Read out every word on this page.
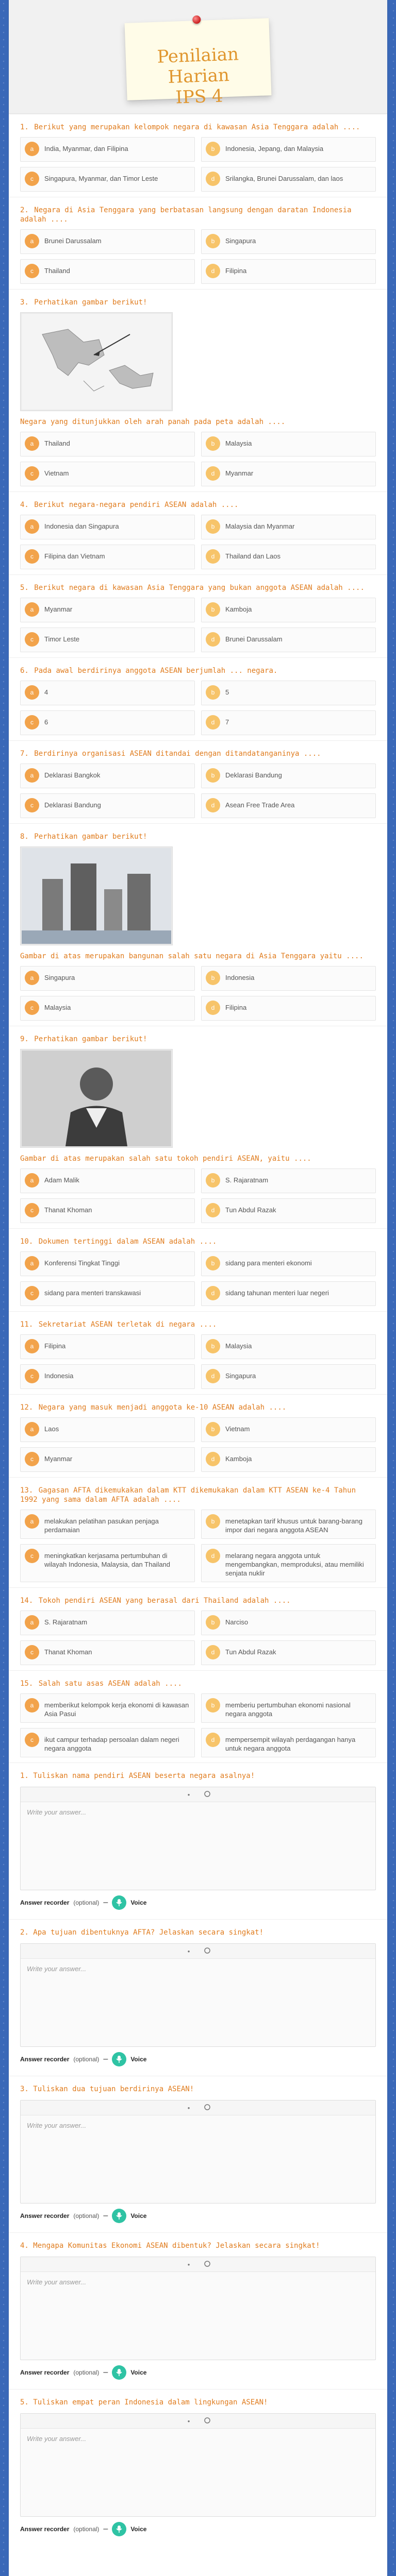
Penilaian Harian
IPS 4
1. Berikut yang merupakan kelompok negara di kawasan Asia Tenggara adalah ....
a	India, Myanmar, dan Filipina	b	Indonesia, Jepang, dan Malaysia
c	Singapura, Myanmar, dan Timor Leste	d	Srilangka, Brunei Darussalam, dan laos
2. Negara di Asia Tenggara yang berbatasan langsung dengan daratan Indonesia adalah ....
a	Brunei Darussalam	b	Singapura
c	Thailand	d	Filipina
3. Perhatikan gambar berikut!
Negara yang ditunjukkan oleh arah panah pada peta adalah ....
a	Thailand	b	Malaysia
c	Vietnam	d	Myanmar
4. Berikut negara-negara pendiri ASEAN adalah ....
a	Indonesia dan Singapura	b	Malaysia dan Myanmar
c	Filipina dan Vietnam	d	Thailand dan Laos
5. Berikut negara di kawasan Asia Tenggara yang bukan anggota ASEAN adalah ....
a	Myanmar	b	Kamboja
c	Timor Leste	d	Brunei Darussalam
6. Pada awal berdirinya anggota ASEAN berjumlah ... negara.
a	4	b	5
c	6	d	7
7. Berdirinya organisasi ASEAN ditandai dengan ditandatanganinya ....
a	Deklarasi Bangkok	b	Deklarasi Bandung
c	Deklarasi Bandung	d	Asean Free Trade Area
8. Perhatikan gambar berikut!
Gambar di atas merupakan bangunan salah satu negara di Asia Tenggara yaitu ....
a	Singapura	b	Indonesia
c	Malaysia	d	Filipina
9. Perhatikan gambar berikut!
Gambar di atas merupakan salah satu tokoh pendiri ASEAN, yaitu ....
a	Adam Malik	b	S. Rajaratnam
c	Thanat Khoman	d	Tun Abdul Razak
10. Dokumen tertinggi dalam ASEAN adalah ....
a	Konferensi Tingkat Tinggi	b	sidang para menteri ekonomi
c	sidang para menteri transkawasi	d	sidang tahunan menteri luar negeri
11. Sekretariat ASEAN terletak di negara ....
a	Filipina	b	Malaysia
c	Indonesia	d	Singapura
12. Negara yang masuk menjadi anggota ke-10 ASEAN adalah ....
a	Laos	b	Vietnam
c	Myanmar	d	Kamboja
13. Gagasan AFTA dikemukakan dalam KTT dikemukakan dalam KTT ASEAN ke-4 Tahun 1992 yang sama dalam AFTA adalah ....
a	melakukan pelatihan pasukan penjaga perdamaian
b	menetapkan tarif khusus untuk barang-barang impor dari negara anggota ASEAN
c	meningkatkan kerjasama pertumbuhan di wilayah Indonesia, Malaysia, dan Thailand
d	melarang negara anggota untuk mengembangkan, memproduksi, atau memiliki senjata nuklir
14. Tokoh pendiri ASEAN yang berasal dari Thailand adalah ....
a	S. Rajaratnam	b	Narciso
c	Thanat Khoman	d	Tun Abdul Razak
15. Salah satu asas ASEAN adalah ....
a	memberikut kelompok kerja ekonomi di kawasan Asia Pasui
b	memberiu pertumbuhan ekonomi nasional negara anggota
c	ikut campur terhadap persoalan dalam negeri negara anggota
d	mempersempit wilayah perdagangan hanya untuk negara anggota
1. Tuliskan nama pendiri ASEAN beserta negara asalnya!
•
Write your answer...
Answer recorder (optional) –	Voice
2. Apa tujuan dibentuknya AFTA? Jelaskan secara singkat!
•
Write your answer...
Answer recorder (optional) –	Voice
3. Tuliskan dua tujuan berdirinya ASEAN!
•
Write your answer...
Answer recorder (optional) –	Voice
4. Mengapa Komunitas Ekonomi ASEAN dibentuk? Jelaskan secara singkat!
•
Write your answer...
Answer recorder (optional) –	Voice
5. Tuliskan empat peran Indonesia dalam lingkungan ASEAN!
•
Write your answer...
Answer recorder (optional) –	Voice
